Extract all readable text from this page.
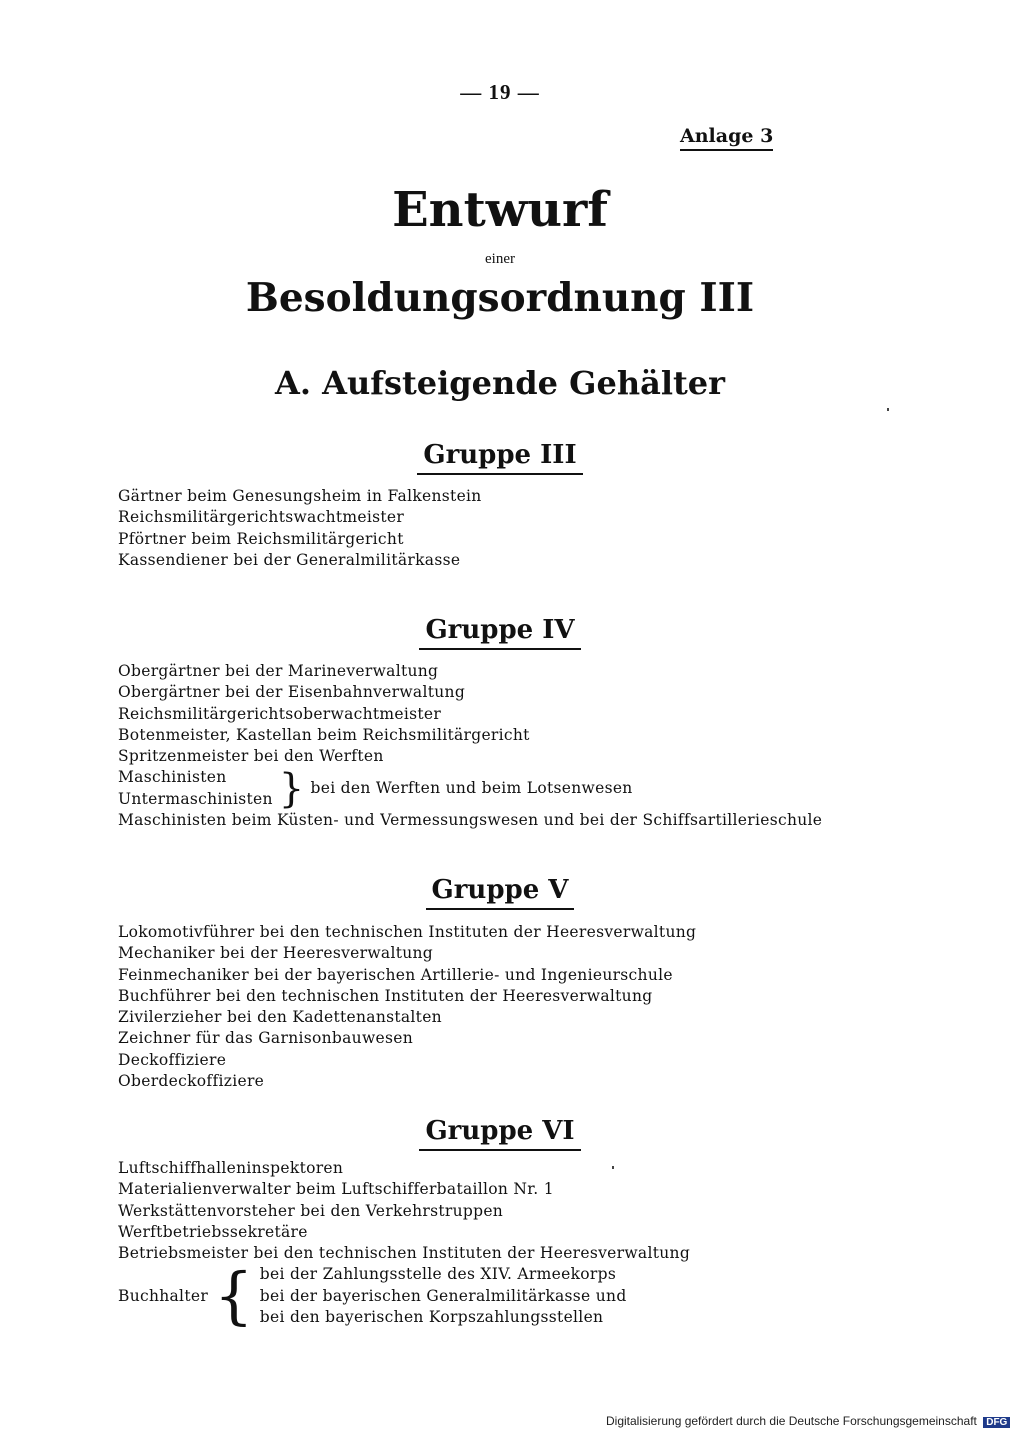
— 19 —
Anlage 3
Entwurf
einer
Besoldungsordnung III
A. Aufsteigende Gehälter
Gruppe III
Gärtner beim Genesungsheim in Falkenstein
Reichsmilitärgerichtswachtmeister
Pförtner beim Reichsmilitärgericht
Kassendiener bei der Generalmilitärkasse
Gruppe IV
Obergärtner bei der Marineverwaltung
Obergärtner bei der Eisenbahnverwaltung
Reichsmilitärgerichtsoberwachtmeister
Botenmeister, Kastellan beim Reichsmilitärgericht
Spritzenmeister bei den Werften
Maschinisten
Untermaschinisten } bei den Werften und beim Lotsenwesen
Maschinisten beim Küsten- und Vermessungswesen und bei der Schiffsartillerieschule
Gruppe V
Lokomotivführer bei den technischen Instituten der Heeresverwaltung
Mechaniker bei der Heeresverwaltung
Feinmechaniker bei der bayerischen Artillerie- und Ingenieurschule
Buchführer bei den technischen Instituten der Heeresverwaltung
Zivilerzieher bei den Kadettenanstalten
Zeichner für das Garnisonbauwesen
Deckoffiziere
Oberdeckoffiziere
Gruppe VI
Luftschiffhalleninspektoren
Materialienverwalter beim Luftschifferbataillon Nr. 1
Werkstättenvorsteher bei den Verkehrstruppen
Werftbetriebssekretäre
Betriebsmeister bei den technischen Instituten der Heeresverwaltung
Buchhalter { bei der Zahlungsstelle des XIV. Armeekorps
bei der bayerischen Generalmilitärkasse und
bei den bayerischen Korpszahlungsstellen
Digitalisierung gefördert durch die Deutsche Forschungsgemeinschaft DFG
